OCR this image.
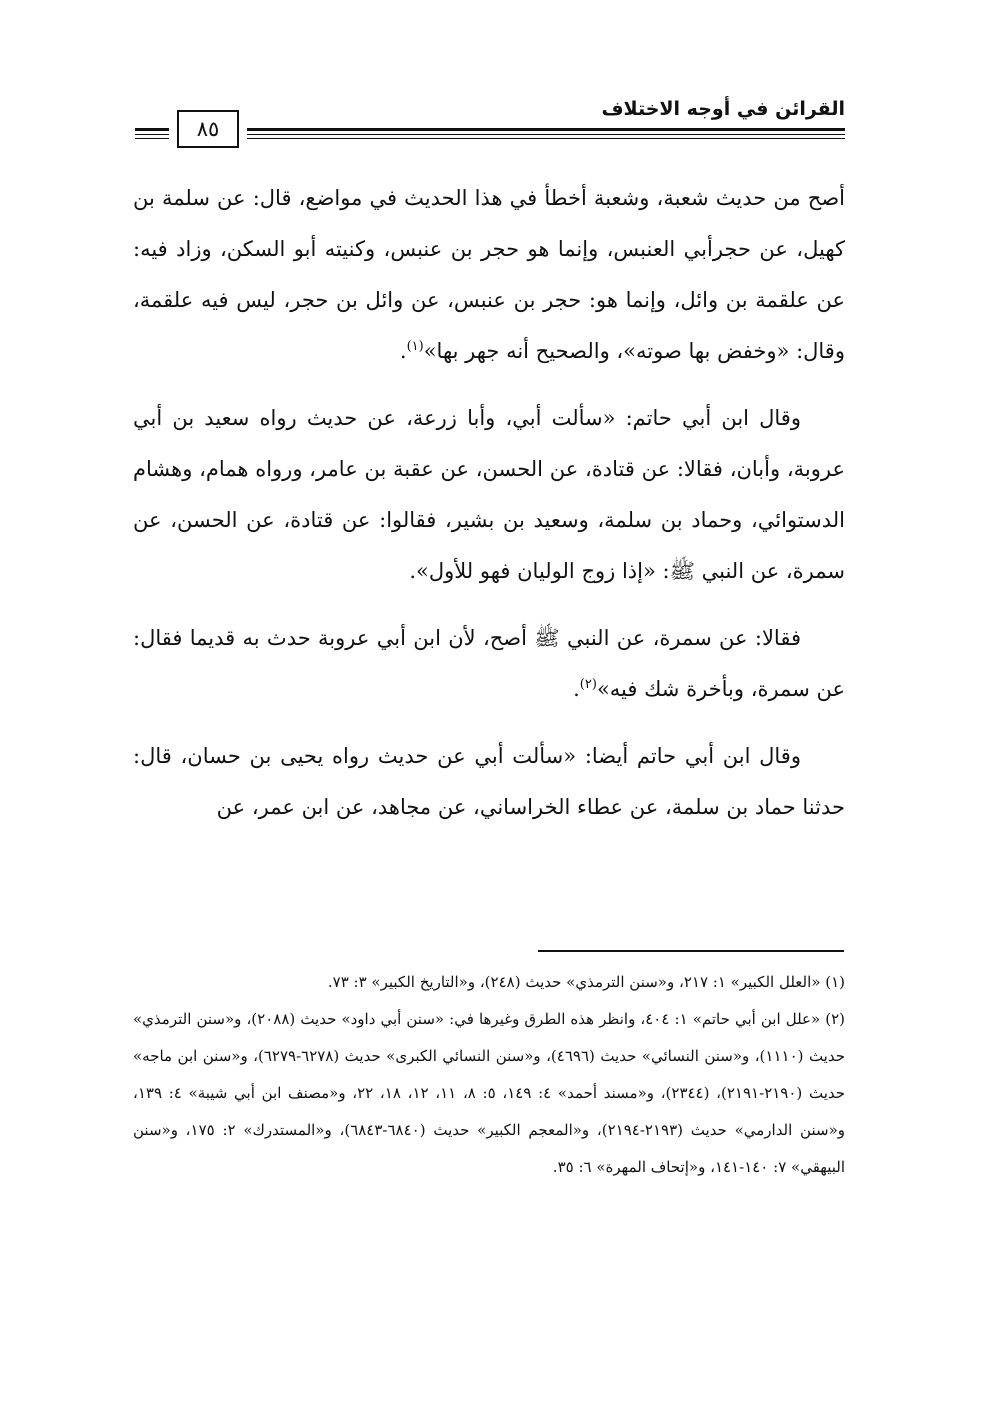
القرائن في أوجه الاختلاف
٨٥

أصح من حديث شعبة، وشعبة أخطأ في هذا الحديث في مواضع، قال: عن سلمة بن كهيل، عن حجرأبي العنبس، وإنما هو حجر بن عنبس، وكنيته أبو السكن، وزاد فيه: عن علقمة بن وائل، وإنما هو: حجر بن عنبس، عن وائل بن حجر، ليس فيه علقمة، وقال: «وخفض بها صوته»، والصحيح أنه جهر بها»$^{(١)}$.

وقال ابن أبي حاتم: «سألت أبي، وأبا زرعة، عن حديث رواه سعيد بن أبي عروبة، وأبان، فقالا: عن قتادة، عن الحسن، عن عقبة بن عامر، ورواه همام، وهشام الدستوائي، وحماد بن سلمة، وسعيد بن بشير، فقالوا: عن قتادة، عن الحسن، عن سمرة، عن النبي ﷺ: «إذا زوج الوليان فهو للأول».

فقالا: عن سمرة، عن النبي ﷺ أصح، لأن ابن أبي عروبة حدث به قديما فقال: عن سمرة، وبأخرة شك فيه»$^{(٢)}$.

وقال ابن أبي حاتم أيضا: «سألت أبي عن حديث رواه يحيى بن حسان، قال: حدثنا حماد بن سلمة، عن عطاء الخراساني، عن مجاهد، عن ابن عمر، عن

(١) «العلل الكبير» ١: ٢١٧، و«سنن الترمذي» حديث (٢٤٨)، و«التاريخ الكبير» ٣: ٧٣.

(٢) «علل ابن أبي حاتم» ١: ٤٠٤، وانظر هذه الطرق وغيرها في: «سنن أبي داود» حديث (٢٠٨٨)، و«سنن الترمذي» حديث (١١١٠)، و«سنن النسائي» حديث (٤٦٩٦)، و«سنن النسائي الكبرى» حديث (٦٢٧٨-٦٢٧٩)، و«سنن ابن ماجه» حديث (٢١٩٠-٢١٩١)، (٢٣٤٤)، و«مسند أحمد» ٤: ١٤٩، ٥: ٨، ١١، ١٢، ١٨، ٢٢، و«مصنف ابن أبي شيبة» ٤: ١٣٩، و«سنن الدارمي» حديث (٢١٩٣-٢١٩٤)، و«المعجم الكبير» حديث (٦٨٤٠-٦٨٤٣)، و«المستدرك» ٢: ١٧٥، و«سنن البيهقي» ٧: ١٤٠-١٤١، و«إتحاف المهرة» ٦: ٣٥.
